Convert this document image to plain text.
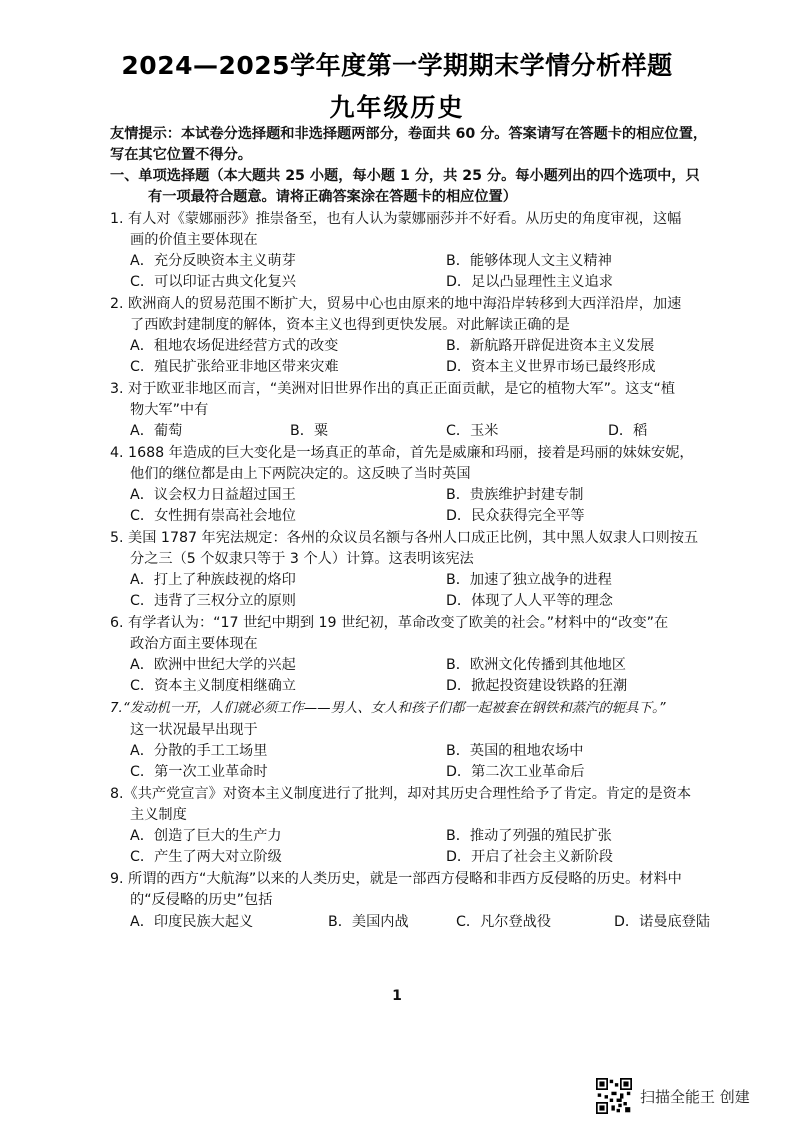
2024—2025学年度第一学期期末学情分析样题
九年级历史
友情提示：本试卷分选择题和非选择题两部分，卷面共 60 分。答案请写在答题卡的相应位置，
写在其它位置不得分。
一、单项选择题（本大题共 25 小题，每小题 1 分，共 25 分。每小题列出的四个选项中，只
有一项最符合题意。请将正确答案涂在答题卡的相应位置）
1. 有人对《蒙娜丽莎》推崇备至，也有人认为蒙娜丽莎并不好看。从历史的角度审视，这幅
画的价值主要体现在
A．充分反映资本主义萌芽	B．能够体现人文主义精神
C．可以印证古典文化复兴	D．足以凸显理性主义追求
2. 欧洲商人的贸易范围不断扩大，贸易中心也由原来的地中海沿岸转移到大西洋沿岸，加速
了西欧封建制度的解体，资本主义也得到更快发展。对此解读正确的是
A．租地农场促进经营方式的改变	B．新航路开辟促进资本主义发展
C．殖民扩张给亚非地区带来灾难	D．资本主义世界市场已最终形成
3. 对于欧亚非地区而言，“美洲对旧世界作出的真正正面贡献，是它的植物大军”。这支“植
物大军”中有
A．葡萄	B．粟	C．玉米	D．稻
4. 1688 年造成的巨大变化是一场真正的革命，首先是威廉和玛丽，接着是玛丽的妹妹安妮，
他们的继位都是由上下两院决定的。这反映了当时英国
A．议会权力日益超过国王	B．贵族维护封建专制
C．女性拥有崇高社会地位	D．民众获得完全平等
5. 美国 1787 年宪法规定：各州的众议员名额与各州人口成正比例，其中黑人奴隶人口则按五
分之三（5 个奴隶只等于 3 个人）计算。这表明该宪法
A．打上了种族歧视的烙印	B．加速了独立战争的进程
C．违背了三权分立的原则	D．体现了人人平等的理念
6. 有学者认为：“17 世纪中期到 19 世纪初，革命改变了欧美的社会。”材料中的“改变”在
政治方面主要体现在
A．欧洲中世纪大学的兴起	B．欧洲文化传播到其他地区
C．资本主义制度相继确立	D．掀起投资建设铁路的狂潮
7.“发动机一开，人们就必须工作——男人、女人和孩子们都一起被套在钢铁和蒸汽的轭具下。”
这一状况最早出现于
A．分散的手工工场里	B．英国的租地农场中
C．第一次工业革命时	D．第二次工业革命后
8.《共产党宣言》对资本主义制度进行了批判，却对其历史合理性给予了肯定。肯定的是资本
主义制度
A．创造了巨大的生产力	B．推动了列强的殖民扩张
C．产生了两大对立阶级	D．开启了社会主义新阶段
9. 所谓的西方“大航海”以来的人类历史，就是一部西方侵略和非西方反侵略的历史。材料中
的“反侵略的历史”包括
A．印度民族大起义	B．美国内战	C．凡尔登战役	D．诺曼底登陆
1
扫描全能王 创建
